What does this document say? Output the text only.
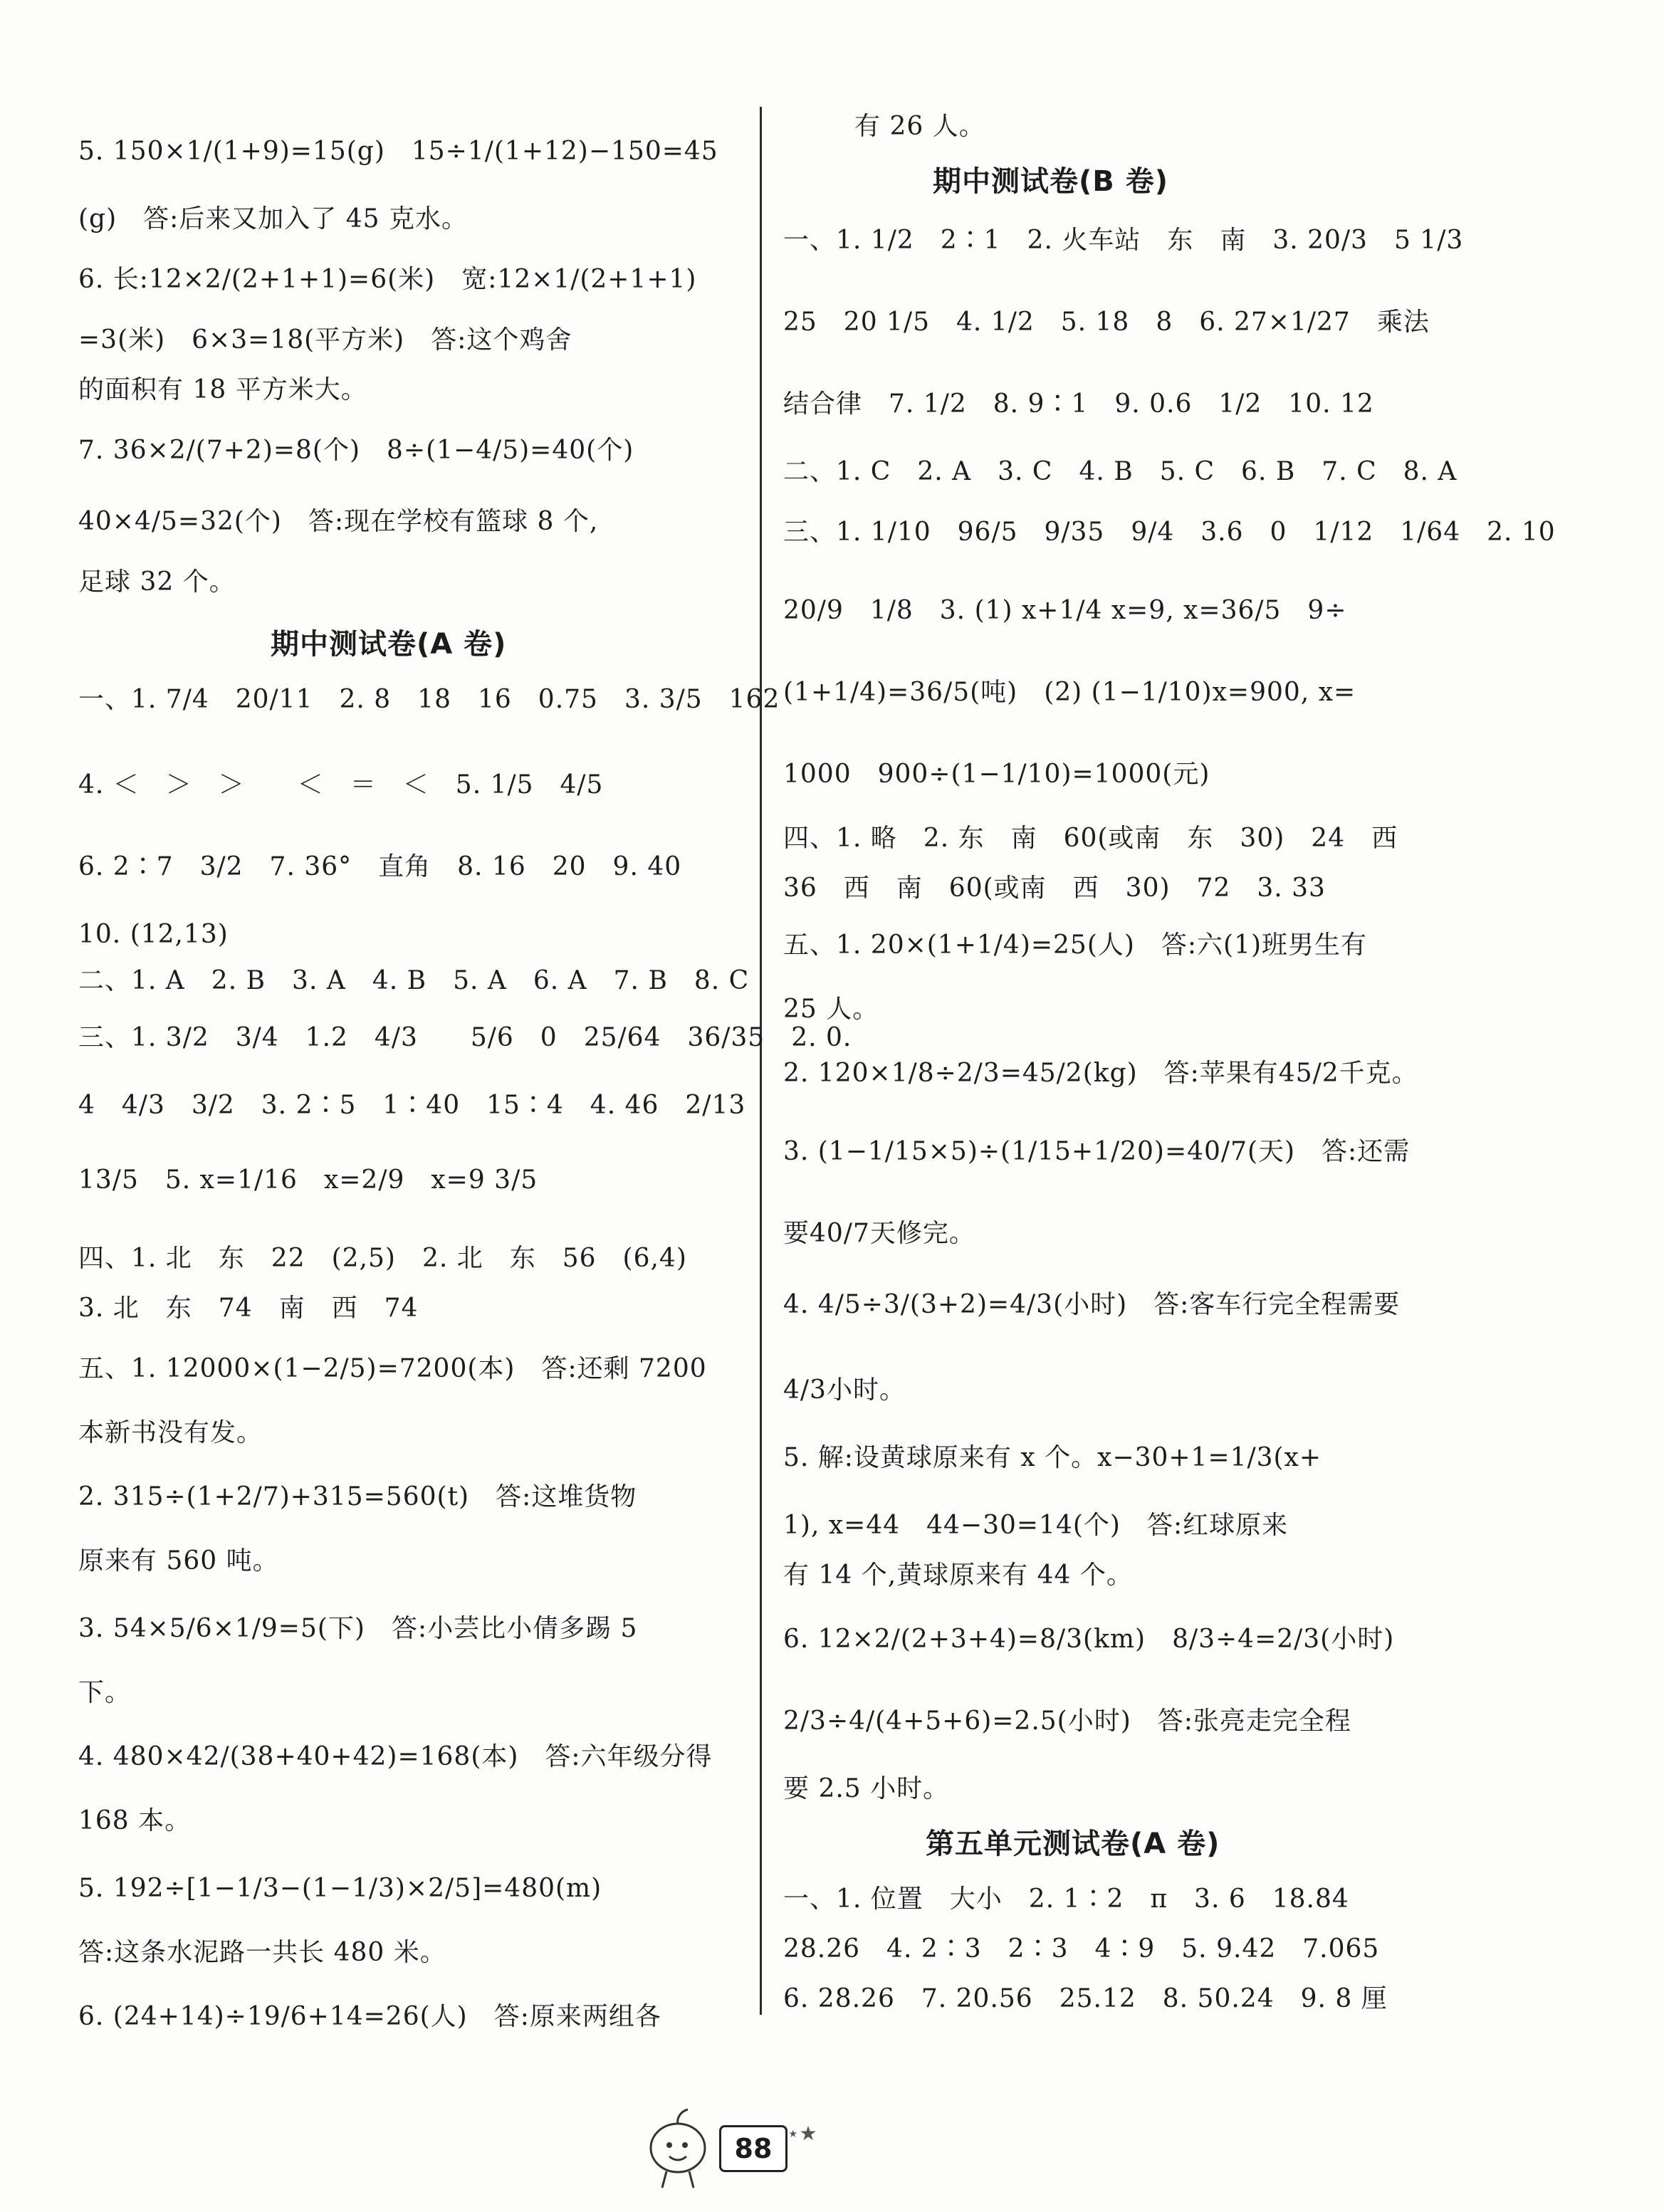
5. 150×1/(1+9)=15(g)　15÷1/(1+12)−150=45
(g)　答:后来又加入了 45 克水。
6. 长:12×2/(2+1+1)=6(米)　宽:12×1/(2+1+1)
=3(米)　6×3=18(平方米)　答:这个鸡舍
的面积有 18 平方米大。
7. 36×2/(7+2)=8(个)　8÷(1−4/5)=40(个)
40×4/5=32(个)　答:现在学校有篮球 8 个,
足球 32 个。
期中测试卷(A 卷)
一、1. 7/4　20/11　2. 8　18　16　0.75　3. 3/5　162
4. ＜　＞　＞　　＜　＝　＜　5. 1/5　4/5
6. 2∶7　3/2　7. 36°　直角　8. 16　20　9. 40
10. (12,13)
二、1. A　2. B　3. A　4. B　5. A　6. A　7. B　8. C
三、1. 3/2　3/4　1.2　4/3　　5/6　0　25/64　36/35　2. 0.
4　4/3　3/2　3. 2∶5　1∶40　15∶4　4. 46　2/13
13/5　5. x=1/16　x=2/9　x=9 3/5
四、1. 北　东　22　(2,5)　2. 北　东　56　(6,4)
3. 北　东　74　南　西　74
五、1. 12000×(1−2/5)=7200(本)　答:还剩 7200
本新书没有发。
2. 315÷(1+2/7)+315=560(t)　答:这堆货物
原来有 560 吨。
3. 54×5/6×1/9=5(下)　答:小芸比小倩多踢 5
下。
4. 480×42/(38+40+42)=168(本)　答:六年级分得
168 本。
5. 192÷[1−1/3−(1−1/3)×2/5]=480(m)
答:这条水泥路一共长 480 米。
6. (24+14)÷19/6+14=26(人)　答:原来两组各
有 26 人。
期中测试卷(B 卷)
一、1. 1/2　2∶1　2. 火车站　东　南　3. 20/3　5 1/3
25　20 1/5　4. 1/2　5. 18　8　6. 27×1/27　乘法
结合律　7. 1/2　8. 9∶1　9. 0.6　1/2　10. 12
二、1. C　2. A　3. C　4. B　5. C　6. B　7. C　8. A
三、1. 1/10　96/5　9/35　9/4　3.6　0　1/12　1/64　2. 10
20/9　1/8　3. (1) x+1/4 x=9, x=36/5　9÷
(1+1/4)=36/5(吨)　(2) (1−1/10)x=900, x=
1000　900÷(1−1/10)=1000(元)
四、1. 略　2. 东　南　60(或南　东　30)　24　西
36　西　南　60(或南　西　30)　72　3. 33
五、1. 20×(1+1/4)=25(人)　答:六(1)班男生有
25 人。
2. 120×1/8÷2/3=45/2(kg)　答:苹果有45/2千克。
3. (1−1/15×5)÷(1/15+1/20)=40/7(天)　答:还需
要40/7天修完。
4. 4/5÷3/(3+2)=4/3(小时)　答:客车行完全程需要
4/3小时。
5. 解:设黄球原来有 x 个。x−30+1=1/3(x+
1), x=44　44−30=14(个)　答:红球原来
有 14 个,黄球原来有 44 个。
6. 12×2/(2+3+4)=8/3(km)　8/3÷4=2/3(小时)
2/3÷4/(4+5+6)=2.5(小时)　答:张亮走完全程
要 2.5 小时。
第五单元测试卷(A 卷)
一、1. 位置　大小　2. 1∶2　π　3. 6　18.84
28.26　4. 2∶3　2∶3　4∶9　5. 9.42　7.065
6. 28.26　7. 20.56　25.12　8. 50.24　9. 8 厘
88 ⋆★
